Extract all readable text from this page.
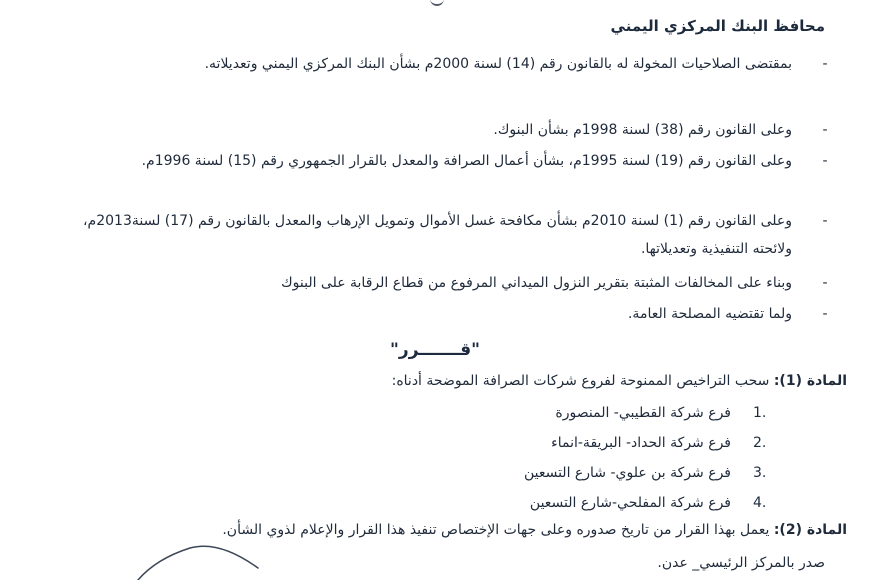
محافظ البنك المركزي اليمني
-
بمقتضى الصلاحيات المخولة له بالقانون رقم (14) لسنة 2000م بشأن البنك المركزي اليمني وتعديلاته.
-
وعلى القانون رقم (38) لسنة 1998م بشأن البنوك.
-
وعلى القانون رقم (19) لسنة 1995م، بشأن أعمال الصرافة والمعدل بالقرار الجمهوري رقم (15) لسنة 1996م.
-
وعلى القانون رقم (1) لسنة 2010م بشأن مكافحة غسل الأموال وتمويل الإرهاب والمعدل بالقانون رقم (17) لسنة2013م، ولائحته التنفيذية وتعديلاتها.
-
وبناء على المخالفات المثبتة بتقرير النزول الميداني المرفوع من قطاع الرقابة على البنوك
-
ولما تقتضيه المصلحة العامة.
"قـــــــرر"
المادة (1): سحب التراخيص الممنوحة لفروع شركات الصرافة الموضحة أدناه:
1.فرع شركة القطيبي- المنصورة
2.فرع شركة الحداد- البريقة-انماء
3.فرع شركة بن علوي- شارع التسعين
4.فرع شركة المفلحي-شارع التسعين
المادة (2): يعمل بهذا القرار من تاريخ صدوره وعلى جهات الإختصاص تنفيذ هذا القرار والإعلام لذوي الشأن.
صدر بالمركز الرئيسي_ عدن.
